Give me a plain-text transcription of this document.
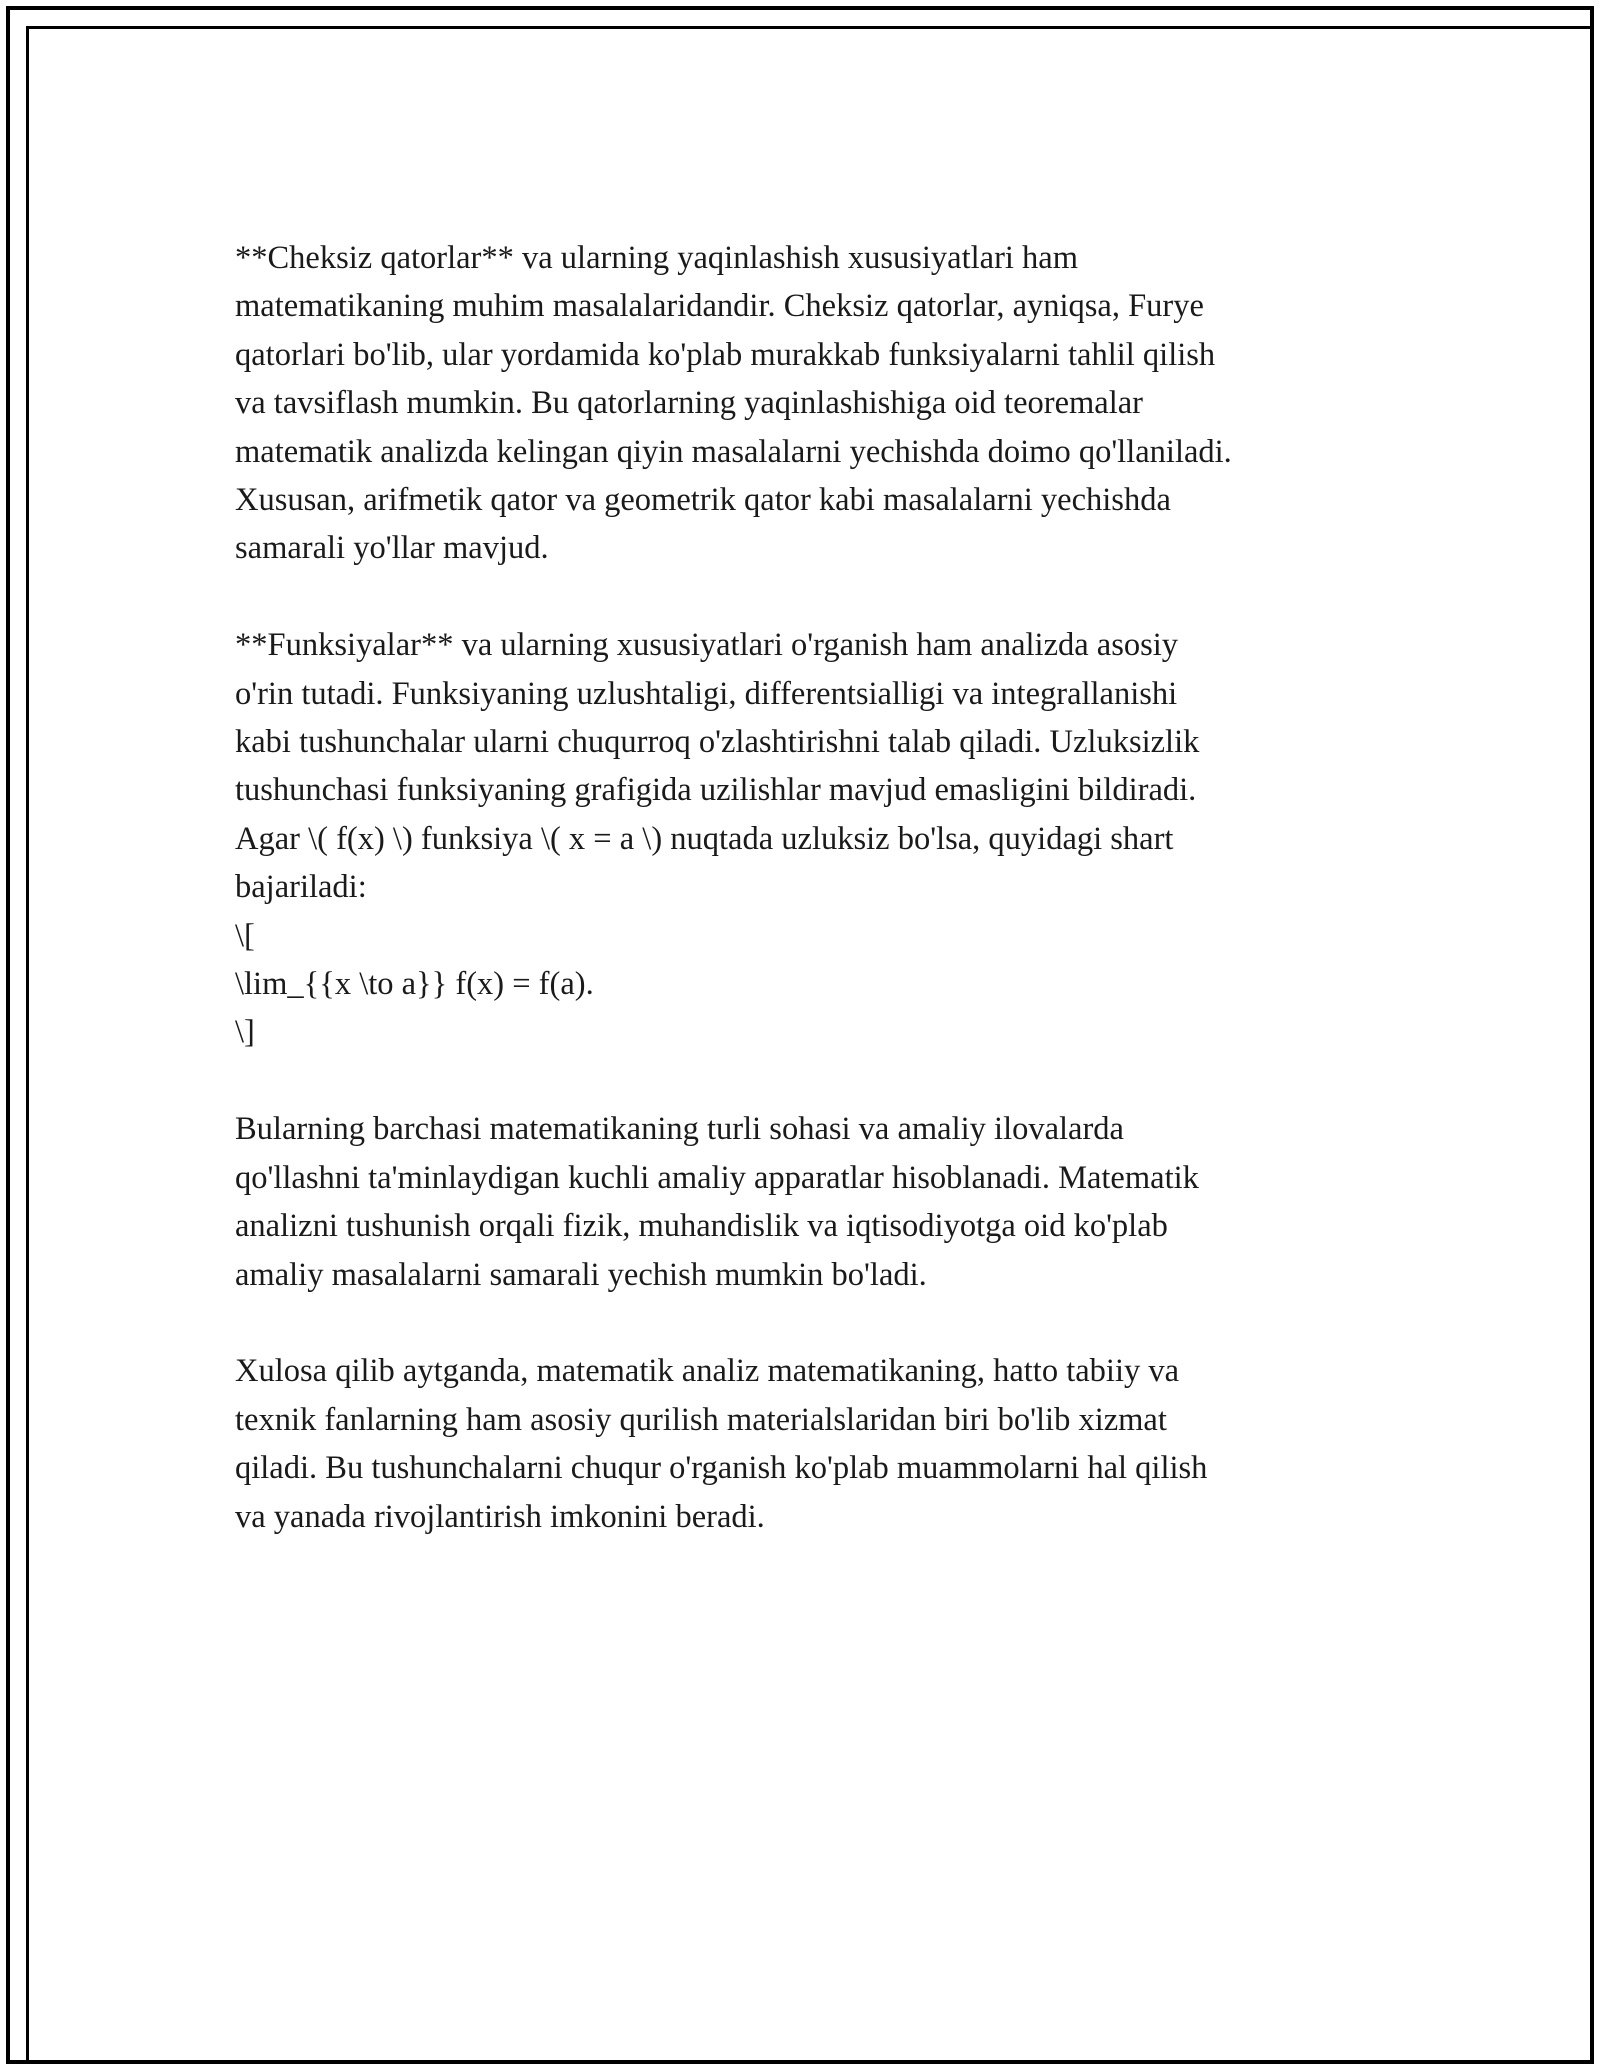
**Cheksiz qatorlar** va ularning yaqinlashish xususiyatlari ham
matematikaning muhim masalalaridandir. Cheksiz qatorlar, ayniqsa, Furye
qatorlari bo'lib, ular yordamida ko'plab murakkab funksiyalarni tahlil qilish
va tavsiflash mumkin. Bu qatorlarning yaqinlashishiga oid teoremalar
matematik analizda kelingan qiyin masalalarni yechishda doimo qo'llaniladi.
Xususan, arifmetik qator va geometrik qator kabi masalalarni yechishda
samarali yo'llar mavjud.

**Funksiyalar** va ularning xususiyatlari o'rganish ham analizda asosiy
o'rin tutadi. Funksiyaning uzlushtaligi, differentsialligi va integrallanishi
kabi tushunchalar ularni chuqurroq o'zlashtirishni talab qiladi. Uzluksizlik
tushunchasi funksiyaning grafigida uzilishlar mavjud emasligini bildiradi.
Agar \( f(x) \) funksiya \( x = a \) nuqtada uzluksiz bo'lsa, quyidagi shart
bajariladi:
\[
\lim_{{x \to a}} f(x) = f(a).
\]

Bularning barchasi matematikaning turli sohasi va amaliy ilovalarda
qo'llashni ta'minlaydigan kuchli amaliy apparatlar hisoblanadi. Matematik
analizni tushunish orqali fizik, muhandislik va iqtisodiyotga oid ko'plab
amaliy masalalarni samarali yechish mumkin bo'ladi.

Xulosa qilib aytganda, matematik analiz matematikaning, hatto tabiiy va
texnik fanlarning ham asosiy qurilish materialslaridan biri bo'lib xizmat
qiladi. Bu tushunchalarni chuqur o'rganish ko'plab muammolarni hal qilish
va yanada rivojlantirish imkonini beradi.
